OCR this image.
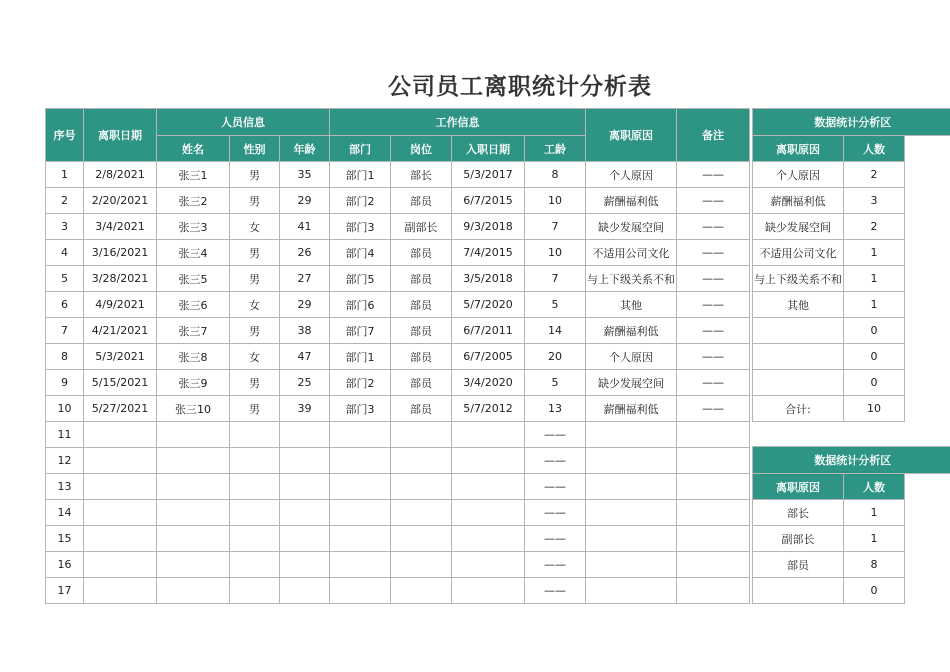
公司员工离职统计分析表
序号	离职日期	人员信息			工作信息				离职原因	备注
		姓名	性别	年龄	部门	岗位	入职日期	工龄		
1	2/8/2021	张三1	男	35	部门1	部长	5/3/2017	8	个人原因	——
2	2/20/2021	张三2	男	29	部门2	部员	6/7/2015	10	薪酬福利低	——
3	3/4/2021	张三3	女	41	部门3	副部长	9/3/2018	7	缺少发展空间	——
4	3/16/2021	张三4	男	26	部门4	部员	7/4/2015	10	不适用公司文化	——
5	3/28/2021	张三5	男	27	部门5	部员	3/5/2018	7	与上下级关系不和	——
6	4/9/2021	张三6	女	29	部门6	部员	5/7/2020	5	其他	——
7	4/21/2021	张三7	男	38	部门7	部员	6/7/2011	14	薪酬福利低	——
8	5/3/2021	张三8	女	47	部门1	部员	6/7/2005	20	个人原因	——
9	5/15/2021	张三9	男	25	部门2	部员	3/4/2020	5	缺少发展空间	——
10	5/27/2021	张三10	男	39	部门3	部员	5/7/2012	13	薪酬福利低	——
11								——		
12								——		
13								——		
14								——		
15								——		
16								——		
17								——		
数据统计分析区		
离职原因	人数	
个人原因	2	
薪酬福利低	3	
缺少发展空间	2	
不适用公司文化	1	
与上下级关系不和	1	
其他	1	
	0	
	0	
	0	
合计:	10	
数据统计分析区		
离职原因	人数	
部长	1	
副部长	1	
部员	8	
	0	
